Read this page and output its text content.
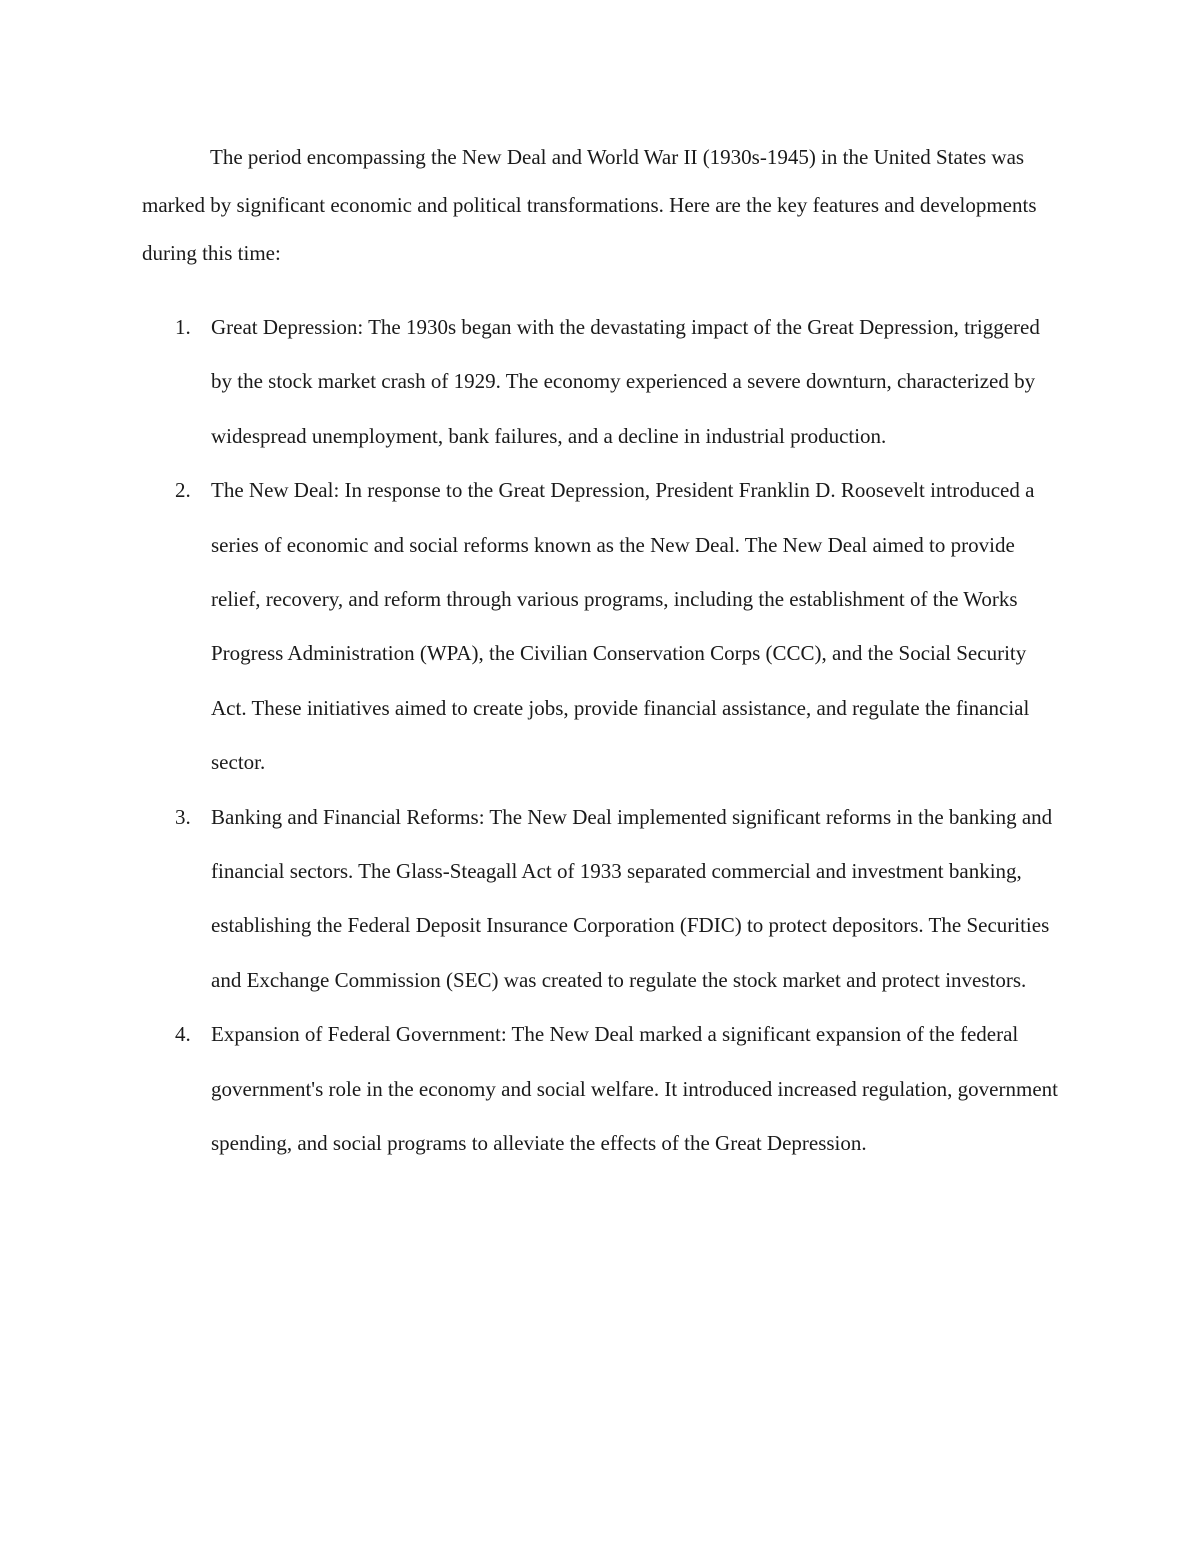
The period encompassing the New Deal and World War II (1930s-1945) in the United States was marked by significant economic and political transformations. Here are the key features and developments during this time:

1. Great Depression: The 1930s began with the devastating impact of the Great Depression, triggered by the stock market crash of 1929. The economy experienced a severe downturn, characterized by widespread unemployment, bank failures, and a decline in industrial production.
2. The New Deal: In response to the Great Depression, President Franklin D. Roosevelt introduced a series of economic and social reforms known as the New Deal. The New Deal aimed to provide relief, recovery, and reform through various programs, including the establishment of the Works Progress Administration (WPA), the Civilian Conservation Corps (CCC), and the Social Security Act. These initiatives aimed to create jobs, provide financial assistance, and regulate the financial sector.
3. Banking and Financial Reforms: The New Deal implemented significant reforms in the banking and financial sectors. The Glass-Steagall Act of 1933 separated commercial and investment banking, establishing the Federal Deposit Insurance Corporation (FDIC) to protect depositors. The Securities and Exchange Commission (SEC) was created to regulate the stock market and protect investors.
4. Expansion of Federal Government: The New Deal marked a significant expansion of the federal government's role in the economy and social welfare. It introduced increased regulation, government spending, and social programs to alleviate the effects of the Great Depression.
